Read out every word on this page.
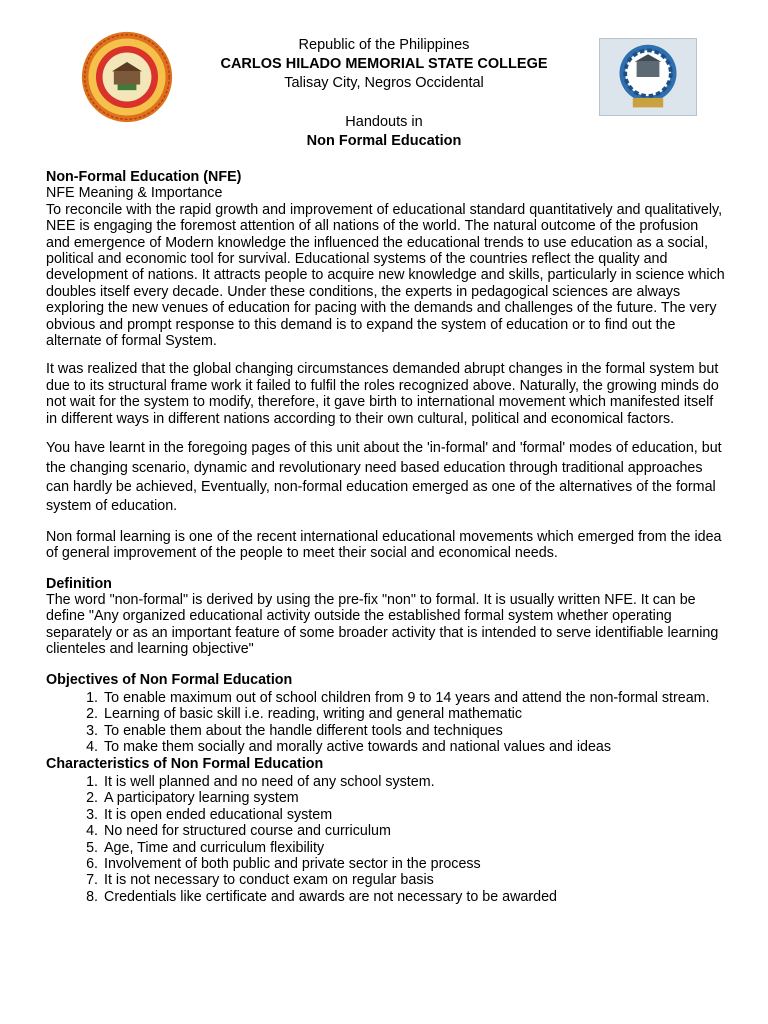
Republic of the Philippines
CARLOS HILADO MEMORIAL STATE COLLEGE
Talisay City, Negros Occidental
Handouts in
Non Formal Education

Non-Formal Education (NFE)

NFE Meaning & Importance

To reconcile with the rapid growth and improvement of educational standard quantitatively and qualitatively, NEE is engaging the foremost attention of all nations of the world. The natural outcome of the profusion and emergence of Modern knowledge the influenced the educational trends to use education as a social, political and economic tool for survival. Educational systems of the countries reflect the quality and development of nations. It attracts people to acquire new knowledge and skills, particularly in science which doubles itself every decade. Under these conditions, the experts in pedagogical sciences are always exploring the new venues of education for pacing with the demands and challenges of the future. The very obvious and prompt response to this demand is to expand the system of education or to find out the alternate of formal System.

It was realized that the global changing circumstances demanded abrupt changes in the formal system but due to its structural frame work it failed to fulfil the roles recognized above. Naturally, the growing minds do not wait for the system to modify, therefore, it gave birth to international movement which manifested itself in different ways in different nations according to their own cultural, political and economical factors.

You have learnt in the foregoing pages of this unit about the 'in-formal' and 'formal' modes of education, but the changing scenario, dynamic and revolutionary need based education through traditional approaches can hardly be achieved, Eventually, non-formal education emerged as one of the alternatives of the formal system of education.

Non formal learning is one of the recent international educational movements which emerged from the idea of general improvement of the people to meet their social and economical needs.

Definition

The word "non-formal" is derived by using the pre-fix "non" to formal. It is usually written NFE. It can be define "Any organized educational activity outside the established formal system whether operating separately or as an important feature of some broader activity that is intended to serve identifiable learning clienteles and learning objective"

Objectives of Non Formal Education

1. To enable maximum out of school children from 9 to 14 years and attend the non-formal stream.
2. Learning of basic skill i.e. reading, writing and general mathematic
3. To enable them about the handle different tools and techniques
4. To make them socially and morally active towards and national values and ideas

Characteristics of Non Formal Education

1. It is well planned and no need of any school system.
2. A participatory learning system
3. It is open ended educational system
4. No need for structured course and curriculum
5. Age, Time and curriculum flexibility
6. Involvement of both public and private sector in the process
7. It is not necessary to conduct exam on regular basis
8. Credentials like certificate and awards are not necessary to be awarded
